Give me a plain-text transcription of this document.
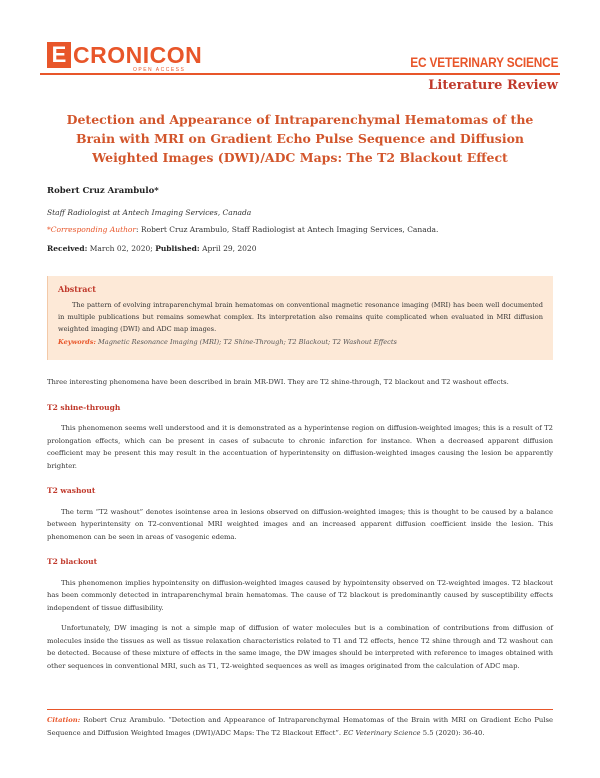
E CRONICON
OPEN ACCESS	EC VETERINARY SCIENCE
Literature Review
Detection and Appearance of Intraparenchymal Hematomas of the Brain with MRI on Gradient Echo Pulse Sequence and Diffusion Weighted Images (DWI)/ADC Maps: The T2 Blackout Effect
Robert Cruz Arambulo*
Staff Radiologist at Antech Imaging Services, Canada
*Corresponding Author: Robert Cruz Arambulo, Staff Radiologist at Antech Imaging Services, Canada.
Received: March 02, 2020; Published: April 29, 2020
Abstract

The pattern of evolving intraparenchymal brain hematomas on conventional magnetic resonance imaging (MRI) has been well documented in multiple publications but remains somewhat complex. Its interpretation also remains quite complicated when evaluated in MRI diffusion weighted imaging (DWI) and ADC map images.

Keywords: Magnetic Resonance Imaging (MRI); T2 Shine-Through; T2 Blackout; T2 Washout Effects

Three interesting phenomena have been described in brain MR-DWI. They are T2 shine-through, T2 blackout and T2 washout effects.

T2 shine-through

This phenomenon seems well understood and it is demonstrated as a hyperintense region on diffusion-weighted images; this is a result of T2 prolongation effects, which can be present in cases of subacute to chronic infarction for instance. When a decreased apparent diffusion coefficient may be present this may result in the accentuation of hyperintensity on diffusion-weighted images causing the lesion be apparently brighter.

T2 washout

The term “T2 washout” denotes isointense area in lesions observed on diffusion-weighted images; this is thought to be caused by a balance between hyperintensity on T2-conventional MRI weighted images and an increased apparent diffusion coefficient inside the lesion. This phenomenon can be seen in areas of vasogenic edema.

T2 blackout

This phenomenon implies hypointensity on diffusion-weighted images caused by hypointensity observed on T2-weighted images. T2 blackout has been commonly detected in intraparenchymal brain hematomas. The cause of T2 blackout is predominantly caused by susceptibility effects independent of tissue diffusibility.

Unfortunately, DW imaging is not a simple map of diffusion of water molecules but is a combination of contributions from diffusion of molecules inside the tissues as well as tissue relaxation characteristics related to T1 and T2 effects, hence T2 shine through and T2 washout can be detected. Because of these mixture of effects in the same image, the DW images should be interpreted with reference to images obtained with other sequences in conventional MRI, such as T1, T2-weighted sequences as well as images originated from the calculation of ADC map.

Citation: Robert Cruz Arambulo. “Detection and Appearance of Intraparenchymal Hematomas of the Brain with MRI on Gradient Echo Pulse Sequence and Diffusion Weighted Images (DWI)/ADC Maps: The T2 Blackout Effect”. EC Veterinary Science 5.5 (2020): 36-40.
